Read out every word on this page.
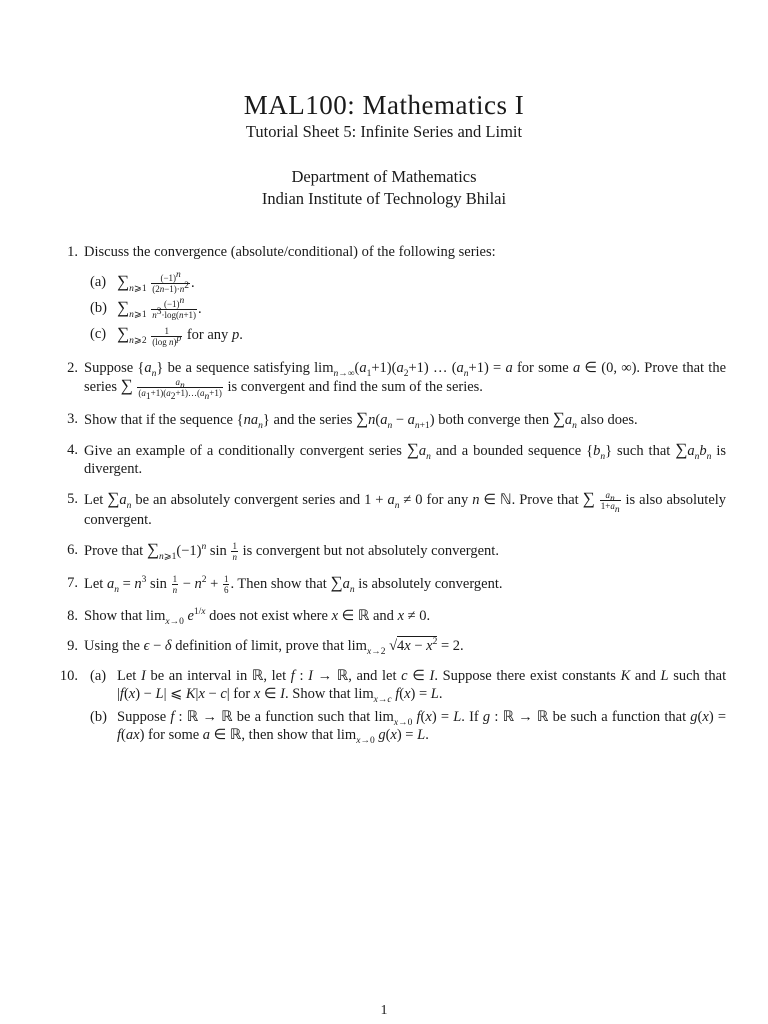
MAL100: Mathematics I
Tutorial Sheet 5: Infinite Series and Limit
Department of Mathematics
Indian Institute of Technology Bhilai
1. Discuss the convergence (absolute/conditional) of the following series:
(a) $\sum_{n⩾1} \frac{(-1)^n}{(2n-1)\cdot n^2}$ .
(b) $\sum_{n⩾1} \frac{(-1)^n}{n^3\cdot\log(n+1)}$ .
(c) $\sum_{n⩾2} \frac{1}{(\log n)^p}$ for any p.
2. Suppose $\{a_n\}$ be a sequence satisfying $\lim_{n\to\infty}(a_1+1)(a_2+1)$ … $(a_n+1) = a$ for some a ∈ (0, ∞). Prove that the series ∑ $\frac{a_n}{(a_1+1)(a_2+1)\dots(a_n+1)}$ is convergent and find the sum of the series.
3. Show that if the sequence $\{na_n\}$ and the series $\sum n(a_n - a_{n+1})$ both converge then $\sum a_n$ also does.
4. Give an example of a conditionally convergent series $\sum a_n$ and a bounded sequence $\{b_n\}$ such that $\sum a_nb_n$ is divergent.
5. Let $\sum a_n$ be an absolutely convergent series and $1 + a_n \ne 0$ for any n ∈ ℕ. Prove that ∑ $\frac{a_n}{1+a_n}$ is also absolutely convergent.
6. Prove that $\sum_{n⩾1}(-1)^n$ $\sin \frac{1}{n}$ is convergent but not absolutely convergent.
7. Let $a_n = n^3$ $\sin \frac{1}{n} - n^2 + \frac{1}{6}$ . Then show that $\sum a_n$ is absolutely convergent.
8. Show that $\lim_{x\to 0} e^{1/x}$ does not exist where x ∈ ℝ and x ≠ 0.
9. Using the ϵ − δ definition of limit, prove that $\lim_{x\to 2} √4x - x^2 = 2$.
10. (a) Let I be an interval in ℝ, let f : I → ℝ, and let c ∈ I. Suppose there exist constants K and L such that |f(x) − L| ⩽ K|x − c| for x ∈ I. Show that $\lim_{x\to c} f(x) = L$.
(b) Suppose f : ℝ → ℝ be a function such that $\lim_{x\to 0} f(x) = L$. If g : ℝ → ℝ be such a function that g(x) = f(ax) for some a ∈ ℝ, then show that $\lim_{x\to 0} g(x) = L$.
1
